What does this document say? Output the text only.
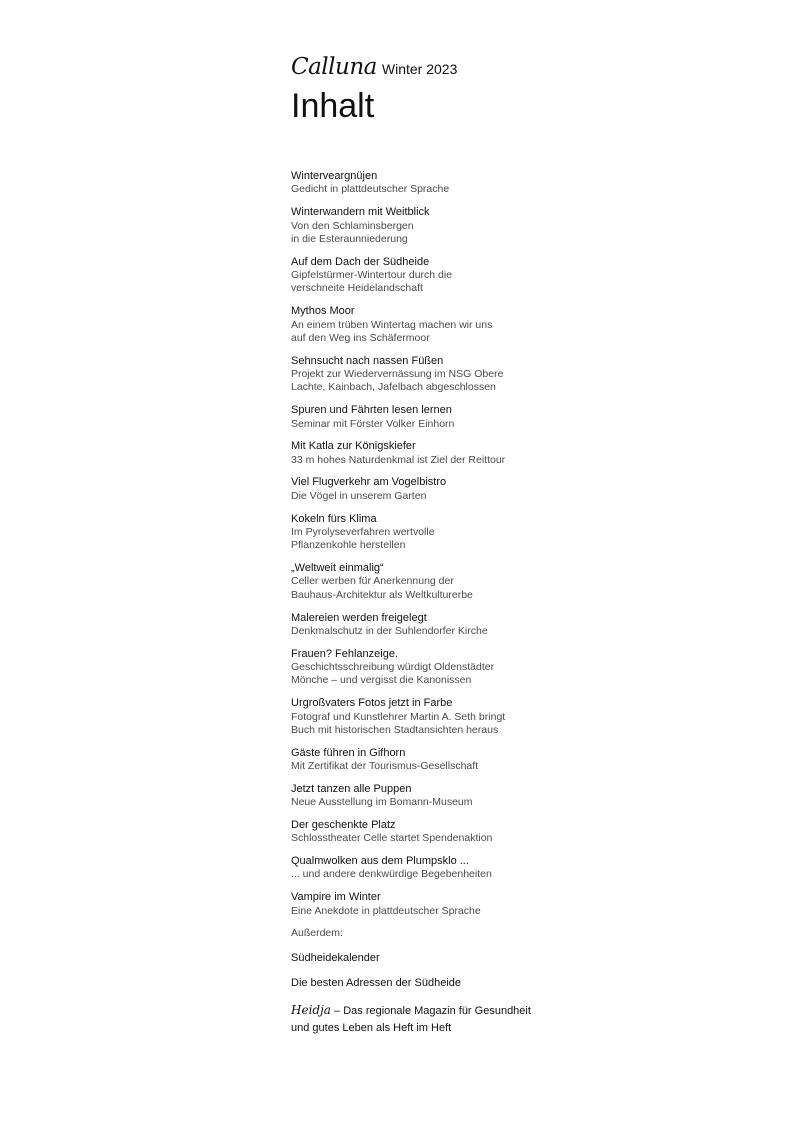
Calluna Winter 2023
Inhalt
Winterveargnüjen
Gedicht in plattdeutscher Sprache
Winterwandern mit Weitblick
Von den Schlaminsbergen
in die Esteraunniederung
Auf dem Dach der Südheide
Gipfelstürmer-Wintertour durch die
verschneite Heidelandschaft
Mythos Moor
An einem trüben Wintertag machen wir uns
auf den Weg ins Schäfermoor
Sehnsucht nach nassen Füßen
Projekt zur Wiedervernässung im NSG Obere
Lachte, Kainbach, Jafelbach abgeschlossen
Spuren und Fährten lesen lernen
Seminar mit Förster Volker Einhorn
Mit Katla zur Königskiefer
33 m hohes Naturdenkmal ist Ziel der Reittour
Viel Flugverkehr am Vogelbistro
Die Vögel in unserem Garten
Kokeln fürs Klima
Im Pyrolyseverfahren wertvolle
Pflanzenkohle herstellen
„Weltweit einmalig“
Celler werben für Anerkennung der
Bauhaus-Architektur als Weltkulturerbe
Malereien werden freigelegt
Denkmalschutz in der Suhlendorfer Kirche
Frauen? Fehlanzeige.
Geschichtsschreibung würdigt Oldenstädter
Mönche – und vergisst die Kanonissen
Urgroßvaters Fotos jetzt in Farbe
Fotograf und Kunstlehrer Martin A. Seth bringt
Buch mit historischen Stadtansichten heraus
Gäste führen in Gifhorn
Mit Zertifikat der Tourismus-Gesellschaft
Jetzt tanzen alle Puppen
Neue Ausstellung im Bomann-Museum
Der geschenkte Platz
Schlosstheater Celle startet Spendenaktion
Qualmwolken aus dem Plumpsklo ...
... und andere denkwürdige Begebenheiten
Vampire im Winter
Eine Anekdote in plattdeutscher Sprache
Außerdem:
Südheidekalender
Die besten Adressen der Südheide
Heidja – Das regionale Magazin für Gesundheit
und gutes Leben als Heft im Heft
